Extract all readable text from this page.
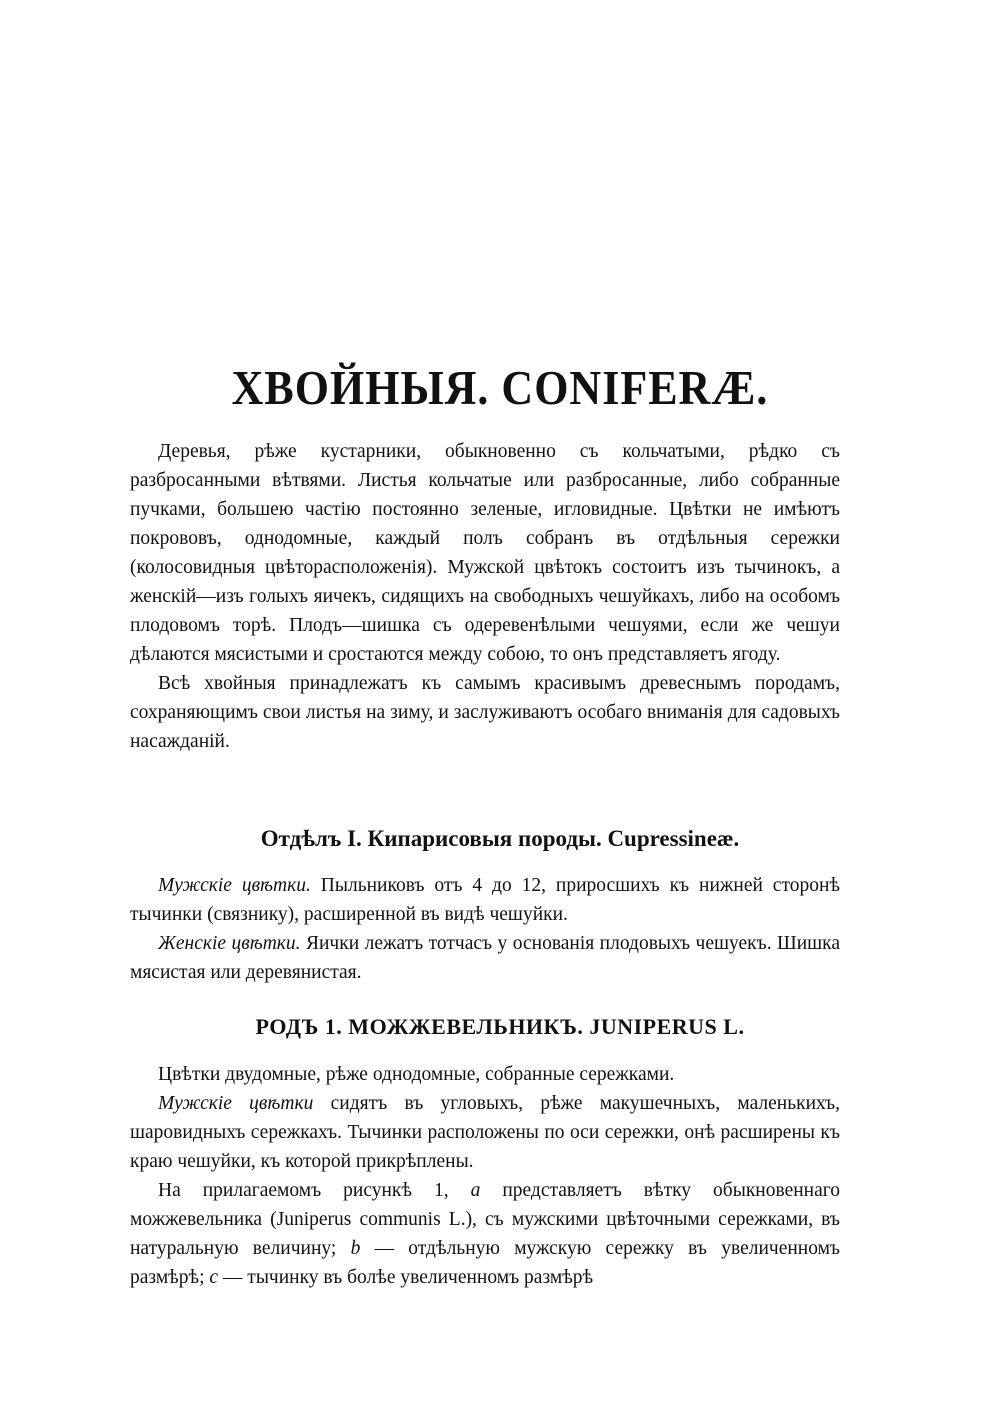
ХВОЙНЫЯ. CONIFERÆ.

Деревья, рѣже кустарники, обыкновенно съ кольчатыми, рѣдко съ разбросанными вѣтвями. Листья кольчатые или разбросанные, либо собранные пучками, большею частію постоянно зеленые, игловидные. Цвѣтки не имѣютъ покрововъ, однодомные, каждый полъ собранъ въ отдѣльныя сережки (колосовидныя цвѣторасположенія). Мужской цвѣтокъ состоитъ изъ тычинокъ, а женскій—изъ голыхъ яичекъ, сидящихъ на свободныхъ чешуйкахъ, либо на особомъ плодовомъ торѣ. Плодъ—шишка съ одеревенѣлыми чешуями, если же чешуи дѣлаются мясистыми и сростаются между собою, то онъ представляетъ ягоду.

Всѣ хвойныя принадлежатъ къ самымъ красивымъ древеснымъ породамъ, сохраняющимъ свои листья на зиму, и заслуживаютъ особаго вниманія для садовыхъ насажданій.

Отдѣлъ I. Кипарисовыя породы. Cupressineæ.

Мужскіе цвѣтки. Пыльниковъ отъ 4 до 12, приросшихъ къ нижней сторонѣ тычинки (связнику), расширенной въ видѣ чешуйки.

Женскіе цвѣтки. Яички лежатъ тотчасъ у основанія плодовыхъ чешуекъ. Шишка мясистая или деревянистая.

РОДЪ 1. МОЖЖЕВЕЛЬНИКЪ. JUNIPERUS L.

Цвѣтки двудомные, рѣже однодомные, собранные сережками.

Мужскіе цвѣтки сидятъ въ угловыхъ, рѣже макушечныхъ, маленькихъ, шаровидныхъ сережкахъ. Тычинки расположены по оси сережки, онѣ расширены къ краю чешуйки, къ которой прикрѣплены.

На прилагаемомъ рисункѣ 1, a представляетъ вѣтку обыкновеннаго можжевельника (Juniperus communis L.), съ мужскими цвѣточными сережками, въ натуральную величину; b — отдѣльную мужскую сережку въ увеличенномъ размѣрѣ; c — тычинку въ болѣе увеличенномъ размѣрѣ
